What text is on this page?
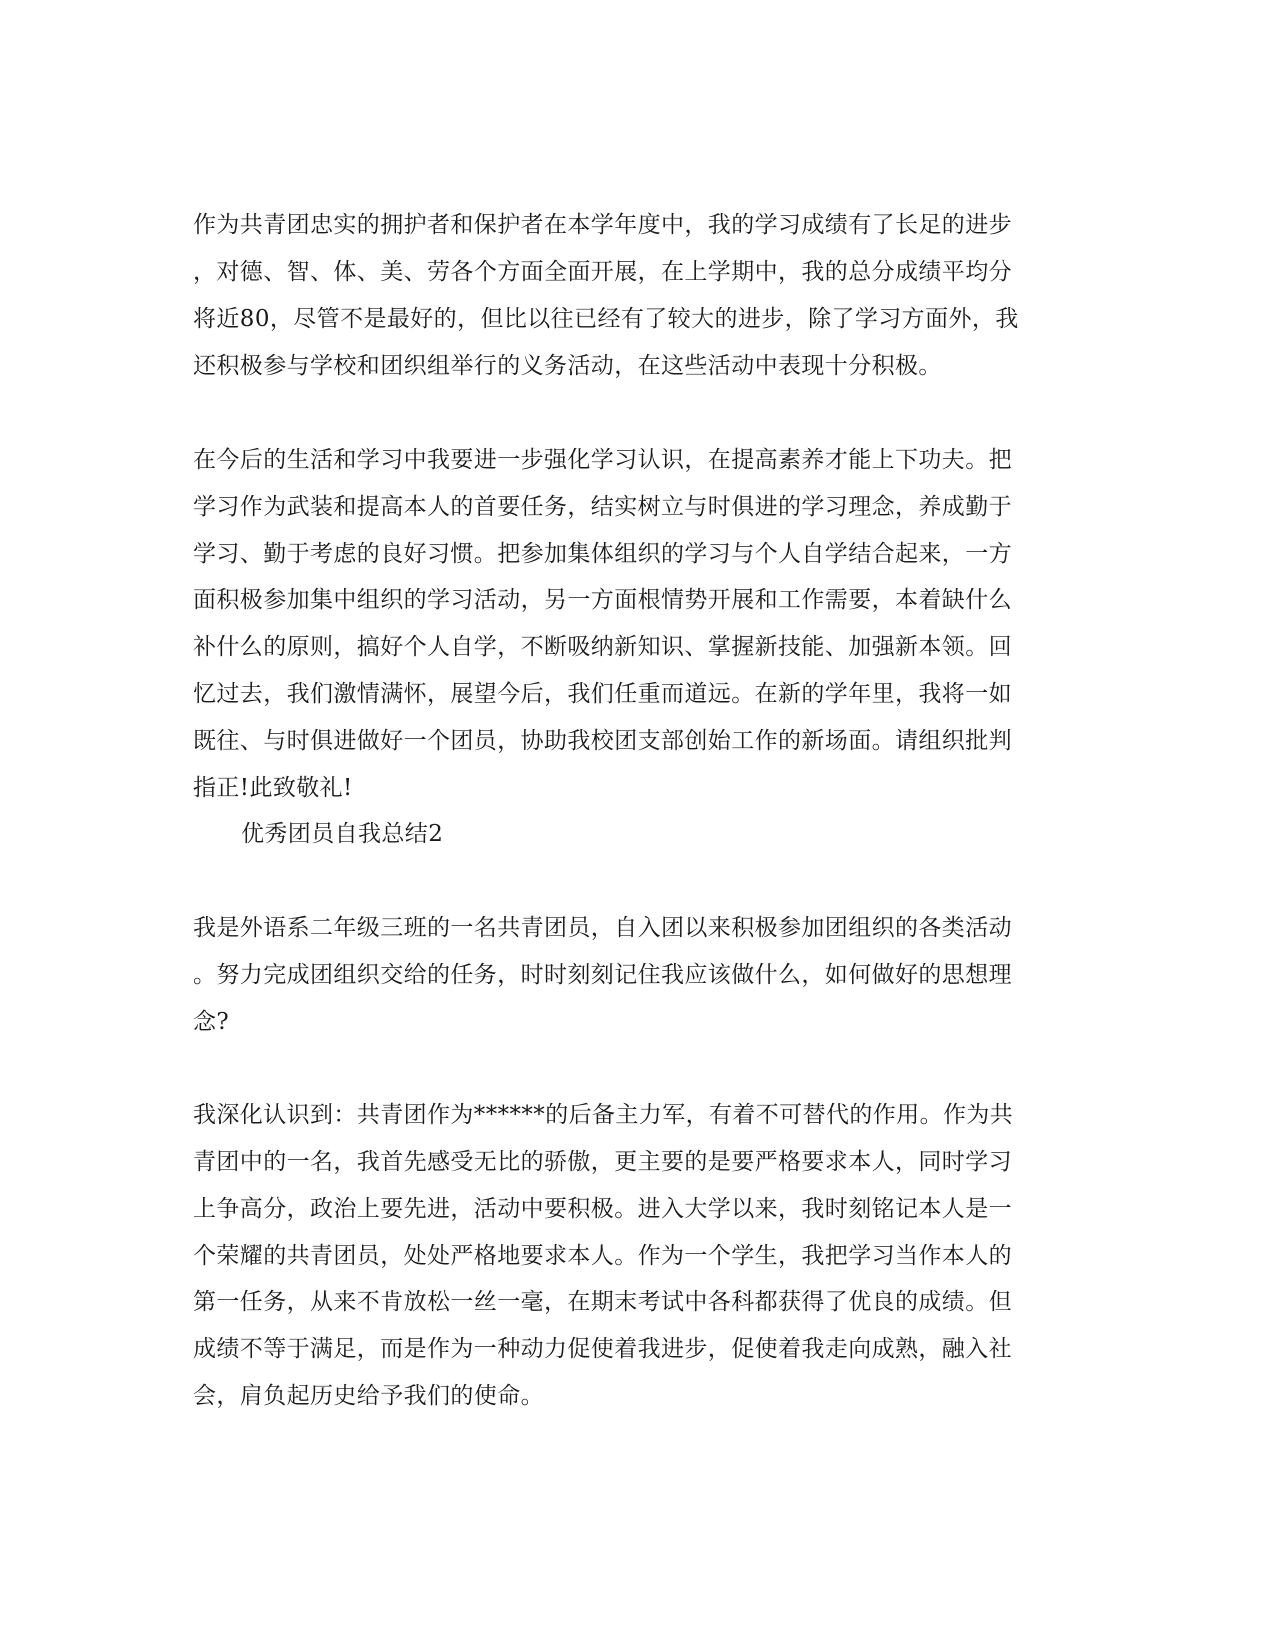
作为共青团忠实的拥护者和保护者在本学年度中，我的学习成绩有了长足的进步

，对德、智、体、美、劳各个方面全面开展，在上学期中，我的总分成绩平均分

将近80，尽管不是最好的，但比以往已经有了较大的进步，除了学习方面外，我

还积极参与学校和团织组举行的义务活动，在这些活动中表现十分积极。

在今后的生活和学习中我要进一步强化学习认识，在提高素养才能上下功夫。把

学习作为武装和提高本人的首要任务，结实树立与时俱进的学习理念，养成勤于

学习、勤于考虑的良好习惯。把参加集体组织的学习与个人自学结合起来，一方

面积极参加集中组织的学习活动，另一方面根情势开展和工作需要，本着缺什么

补什么的原则，搞好个人自学，不断吸纳新知识、掌握新技能、加强新本领。回

忆过去，我们激情满怀，展望今后，我们任重而道远。在新的学年里，我将一如

既往、与时俱进做好一个团员，协助我校团支部创始工作的新场面。请组织批判

指正!此致敬礼!

优秀团员自我总结2

我是外语系二年级三班的一名共青团员，自入团以来积极参加团组织的各类活动

。努力完成团组织交给的任务，时时刻刻记住我应该做什么，如何做好的思想理

念?

我深化认识到：共青团作为******的后备主力军，有着不可替代的作用。作为共

青团中的一名，我首先感受无比的骄傲，更主要的是要严格要求本人，同时学习

上争高分，政治上要先进，活动中要积极。进入大学以来，我时刻铭记本人是一

个荣耀的共青团员，处处严格地要求本人。作为一个学生，我把学习当作本人的

第一任务，从来不肯放松一丝一毫，在期末考试中各科都获得了优良的成绩。但

成绩不等于满足，而是作为一种动力促使着我进步，促使着我走向成熟，融入社

会，肩负起历史给予我们的使命。
